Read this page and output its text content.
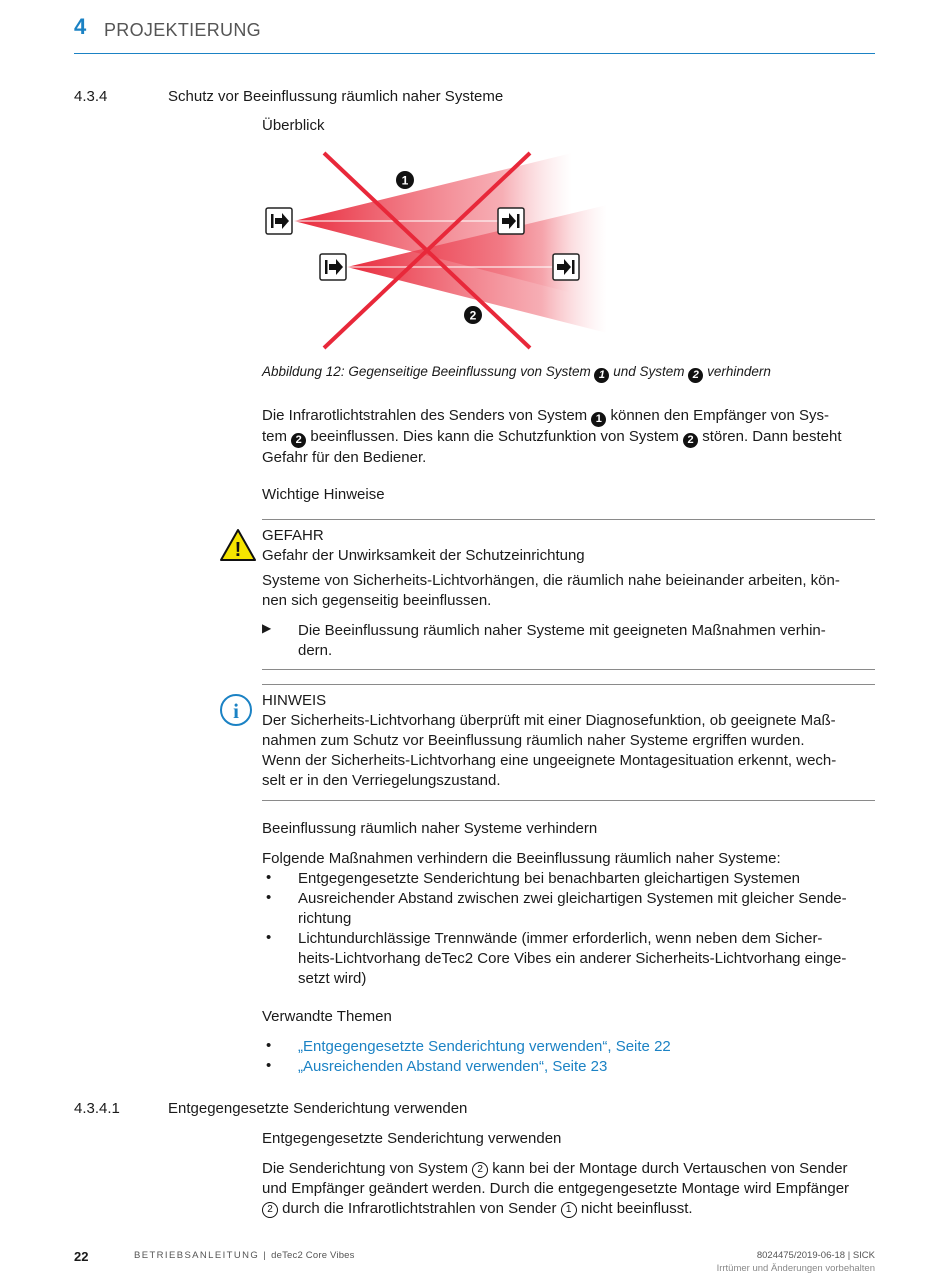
4 PROJEKTIERUNG
4.3.4	Schutz vor Beeinflussung räumlich naher Systeme
Überblick
1
2
Abbildung 12: Gegenseitige Beeinflussung von System 1 und System 2 verhindern
Die Infrarotlichtstrahlen des Senders von System 1 können den Empfänger von Sys-
tem 2 beeinflussen. Dies kann die Schutzfunktion von System 2 stören. Dann besteht
Gefahr für den Bediener.
Wichtige Hinweise
!
GEFAHR
Gefahr der Unwirksamkeit der Schutzeinrichtung
Systeme von Sicherheits-Lichtvorhängen, die räumlich nahe beieinander arbeiten, kön-
nen sich gegenseitig beeinflussen.
▶ Die Beeinflussung räumlich naher Systeme mit geeigneten Maßnahmen verhin-
dern.
i HINWEIS
Der Sicherheits-Lichtvorhang überprüft mit einer Diagnosefunktion, ob geeignete Maß-
nahmen zum Schutz vor Beeinflussung räumlich naher Systeme ergriffen wurden.
Wenn der Sicherheits-Lichtvorhang eine ungeeignete Montagesituation erkennt, wech-
selt er in den Verriegelungszustand.
Beeinflussung räumlich naher Systeme verhindern
Folgende Maßnahmen verhindern die Beeinflussung räumlich naher Systeme:
• Entgegengesetzte Senderichtung bei benachbarten gleichartigen Systemen
• Ausreichender Abstand zwischen zwei gleichartigen Systemen mit gleicher Sende-
richtung
• Lichtundurchlässige Trennwände (immer erforderlich, wenn neben dem Sicher-
heits-Lichtvorhang deTec2 Core Vibes ein anderer Sicherheits-Lichtvorhang einge-
setzt wird)
Verwandte Themen
• „Entgegengesetzte Senderichtung verwenden“, Seite 22
• „Ausreichenden Abstand verwenden“, Seite 23
4.3.4.1	Entgegengesetzte Senderichtung verwenden
Entgegengesetzte Senderichtung verwenden
Die Senderichtung von System 2 kann bei der Montage durch Vertauschen von Sender
und Empfänger geändert werden. Durch die entgegengesetzte Montage wird Empfänger
2 durch die Infrarotlichtstrahlen von Sender 1 nicht beeinflusst.
22	BETRIEBSANLEITUNG | deTec2 Core Vibes	8024475/2019-06-18 | SICK
Irrtümer und Änderungen vorbehalten
